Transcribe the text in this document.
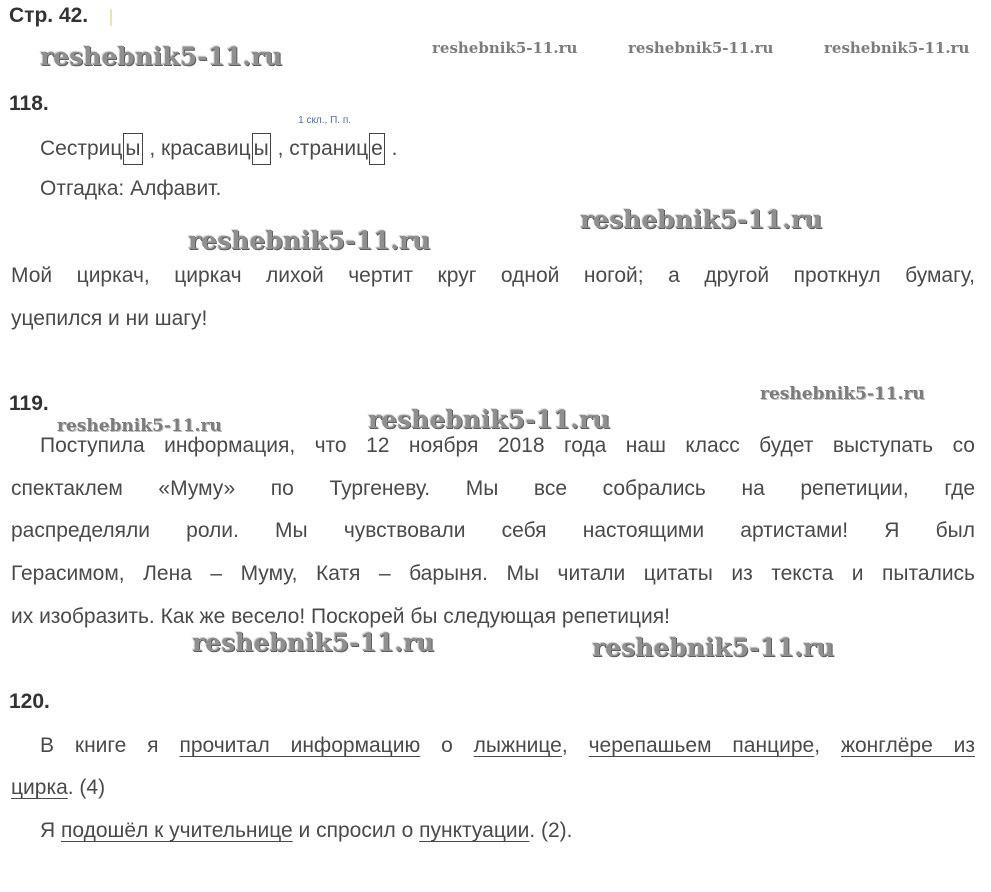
Стр. 42.
reshebnik5-11.ru	reshebnik5-11.ru	reshebnik5-11.ru	reshebnik5-11.ru
118.
Сестриц ы , красавиц ы , страниц
1 скл., П. п.
е .
Отгадка: Алфавит.
reshebnik5-11.ru
reshebnik5-11.ru
Мой циркач, циркач лихой чертит круг одной ногой; а другой проткнул бумагу,
уцепился и ни шагу!
reshebnik5-11.ru
119.
reshebnik5-11.ru	reshebnik5-11.ru
Поступила информация, что 12 ноября 2018 года наш класс будет выступать со
спектаклем «Муму» по Тургеневу. Мы все собрались на репетиции, где
распределяли роли. Мы чувствовали себя настоящими артистами! Я был
Герасимом, Лена – Муму, Катя – барыня. Мы читали цитаты из текста и пытались
их изобразить. Как же весело! Поскорей бы следующая репетиция!
reshebnik5-11.ru	reshebnik5-11.ru
120.
В книге я прочитал информацию о лыжнице, черепашьем панцире, жонглёре из
цирка. (4)
Я подошёл к учительнице и спросил о пунктуации. (2).
